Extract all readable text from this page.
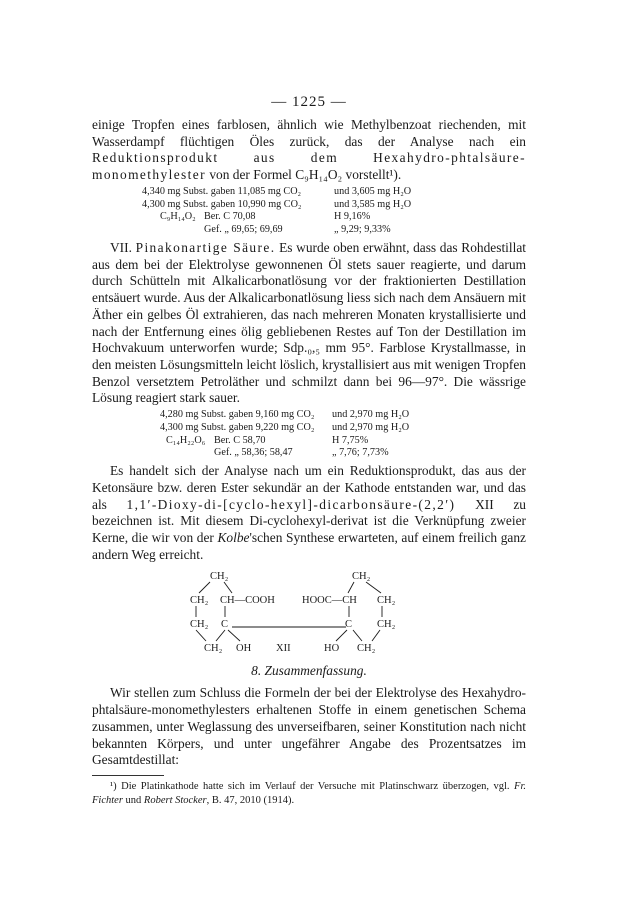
— 1225 —

einige Tropfen eines farblosen, ähnlich wie Methylbenzoat riechenden, mit Wasserdampf flüchtigen Öles zurück, das der Analyse nach ein Reduktionsprodukt aus dem Hexahydro-phtalsäure-monomethylester von der Formel C₉H₁₄O₂ vorstellt¹).

4,340 mg Subst. gaben 11,085 mg CO₂	und 3,605 mg H₂O
4,300 mg Subst. gaben 10,990 mg CO₂	und 3,585 mg H₂O
C₉H₁₄O₂ Ber. C 70,08	H 9,16%
Gef. „ 69,65; 69,69	„ 9,29; 9,33%

VII. Pinakonartige Säure. Es wurde oben erwähnt, dass das Rohdestillat aus dem bei der Elektrolyse gewonnenen Öl stets sauer reagierte, und darum durch Schütteln mit Alkalicarbonatlösung vor der fraktionierten Destillation entsäuert wurde. Aus der Alkalicarbonatlösung liess sich nach dem Ansäuern mit Äther ein gelbes Öl extrahieren, das nach mehreren Monaten krystallisierte und nach der Entfernung eines ölig gebliebenen Restes auf Ton der Destillation im Hochvakuum unterworfen wurde; Sdp.₀,₅ mm 95°. Farblose Krystallmasse, in den meisten Lösungsmitteln leicht löslich, krystallisiert aus mit wenigen Tropfen Benzol versetztem Petroläther und schmilzt dann bei 96—97°. Die wässrige Lösung reagiert stark sauer.

4,280 mg Subst. gaben 9,160 mg CO₂	und 2,970 mg H₂O
4,300 mg Subst. gaben 9,220 mg CO₂	und 2,970 mg H₂O
C₁₄H₂₂O₆ Ber. C 58,70	H 7,75%
Gef. „ 58,36; 58,47	„ 7,76; 7,73%

Es handelt sich der Analyse nach um ein Reduktionsprodukt, das aus der Ketonsäure bzw. deren Ester sekundär an der Kathode entstanden war, und das als 1,1′-Dioxy-di-[cyclo-hexyl]-dicarbonsäure-(2,2′) XII zu bezeichnen ist. Mit diesem Di-cyclohexyl-derivat ist die Verknüpfung zweier Kerne, die wir von der Kolbe'schen Synthese erwarteten, auf einem freilich ganz andern Weg erreicht.

CH₂
CH₂ CH—COOH
CH₂ C
CH₂ OH
HOOC—CH
CH₂
CH₂
C CH₂
HO CH₂
XII
8. Zusammenfassung.

Wir stellen zum Schluss die Formeln der bei der Elektrolyse des Hexahydro-phtalsäure-monomethylesters erhaltenen Stoffe in einem genetischen Schema zusammen, unter Weglassung des unverseifbaren, seiner Konstitution nach nicht bekannten Körpers, und unter ungefährer Angabe des Prozentsatzes im Gesamtdestillat:

¹) Die Platinkathode hatte sich im Verlauf der Versuche mit Platinschwarz überzogen, vgl. Fr. Fichter und Robert Stocker, B. 47, 2010 (1914).
